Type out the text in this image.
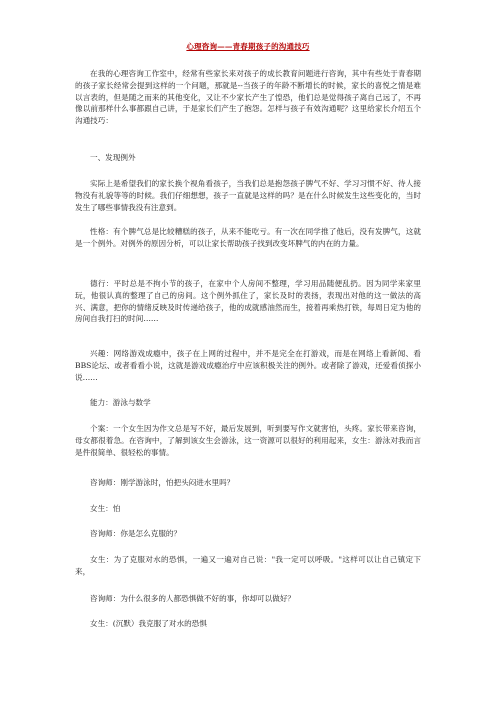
心理咨询——青春期孩子的沟通技巧

在我的心理咨询工作室中，经常有些家长来对孩子的成长教育问题进行咨询，其中有些处于青春期的孩子家长经常会提到这样的一个问题，那就是--当孩子的年龄不断增长的时候，家长的喜悦之情是难以言表的，但是随之而来的其他变化，又让不少家长产生了惶恐，他们总是觉得孩子离自己远了，不再像以前那样什么事都跟自己讲，于是家长们产生了抱怨。怎样与孩子有效沟通呢？这里给家长介绍五个沟通技巧：

一、发现例外

实际上是希望我们的家长换个视角看孩子，当我们总是抱怨孩子脾气不好、学习习惯不好、待人接物没有礼貌等等的时候。我们仔细想想，孩子一直就是这样的吗？是在什么时候发生这些变化的，当时发生了哪些事情我没有注意到。

性格：有个脾气总是比较糟糕的孩子，从来不能吃亏。有一次在同学推了他后，没有发脾气，这就是一个例外。对例外的原因分析，可以让家长帮助孩子找到改变坏脾气的内在的力量。

德行：平时总是不拘小节的孩子，在家中个人房间不整理，学习用品随便乱扔。因为同学来家里玩，他很认真的整理了自己的房间。这个例外抓住了，家长及时的表扬，表现出对他的这一做法的高兴、满意，把你的情绪反映及时传递给孩子，他的成就感油然而生，接着再乘热打铁，每周日定为他的房间自我打扫的时间……

兴趣：网络游戏成瘾中，孩子在上网的过程中，并不是完全在打游戏，而是在网络上看新闻、看BBS论坛、或者看看小说，这就是游戏成瘾治疗中应该积极关注的例外。或者除了游戏，还爱看侦探小说……

能力：游泳与数学

个案：一个女生因为作文总是写不好，最后发展到，听到要写作文就害怕，头疼。家长带来咨询，母女都很着急。在咨询中，了解到该女生会游泳，这一资源可以很好的利用起来，女生：游泳对我而言是件很简单、很轻松的事情。

咨询师：刚学游泳时，怕把头闷进水里吗？

女生：怕

咨询师：你是怎么克服的？

女生：为了克服对水的恐惧，一遍又一遍对自己说："我一定可以呼吸。"这样可以让自己镇定下来，

咨询师：为什么很多的人都恐惧做不好的事，你却可以做好？

女生：(沉默）我克服了对水的恐惧
